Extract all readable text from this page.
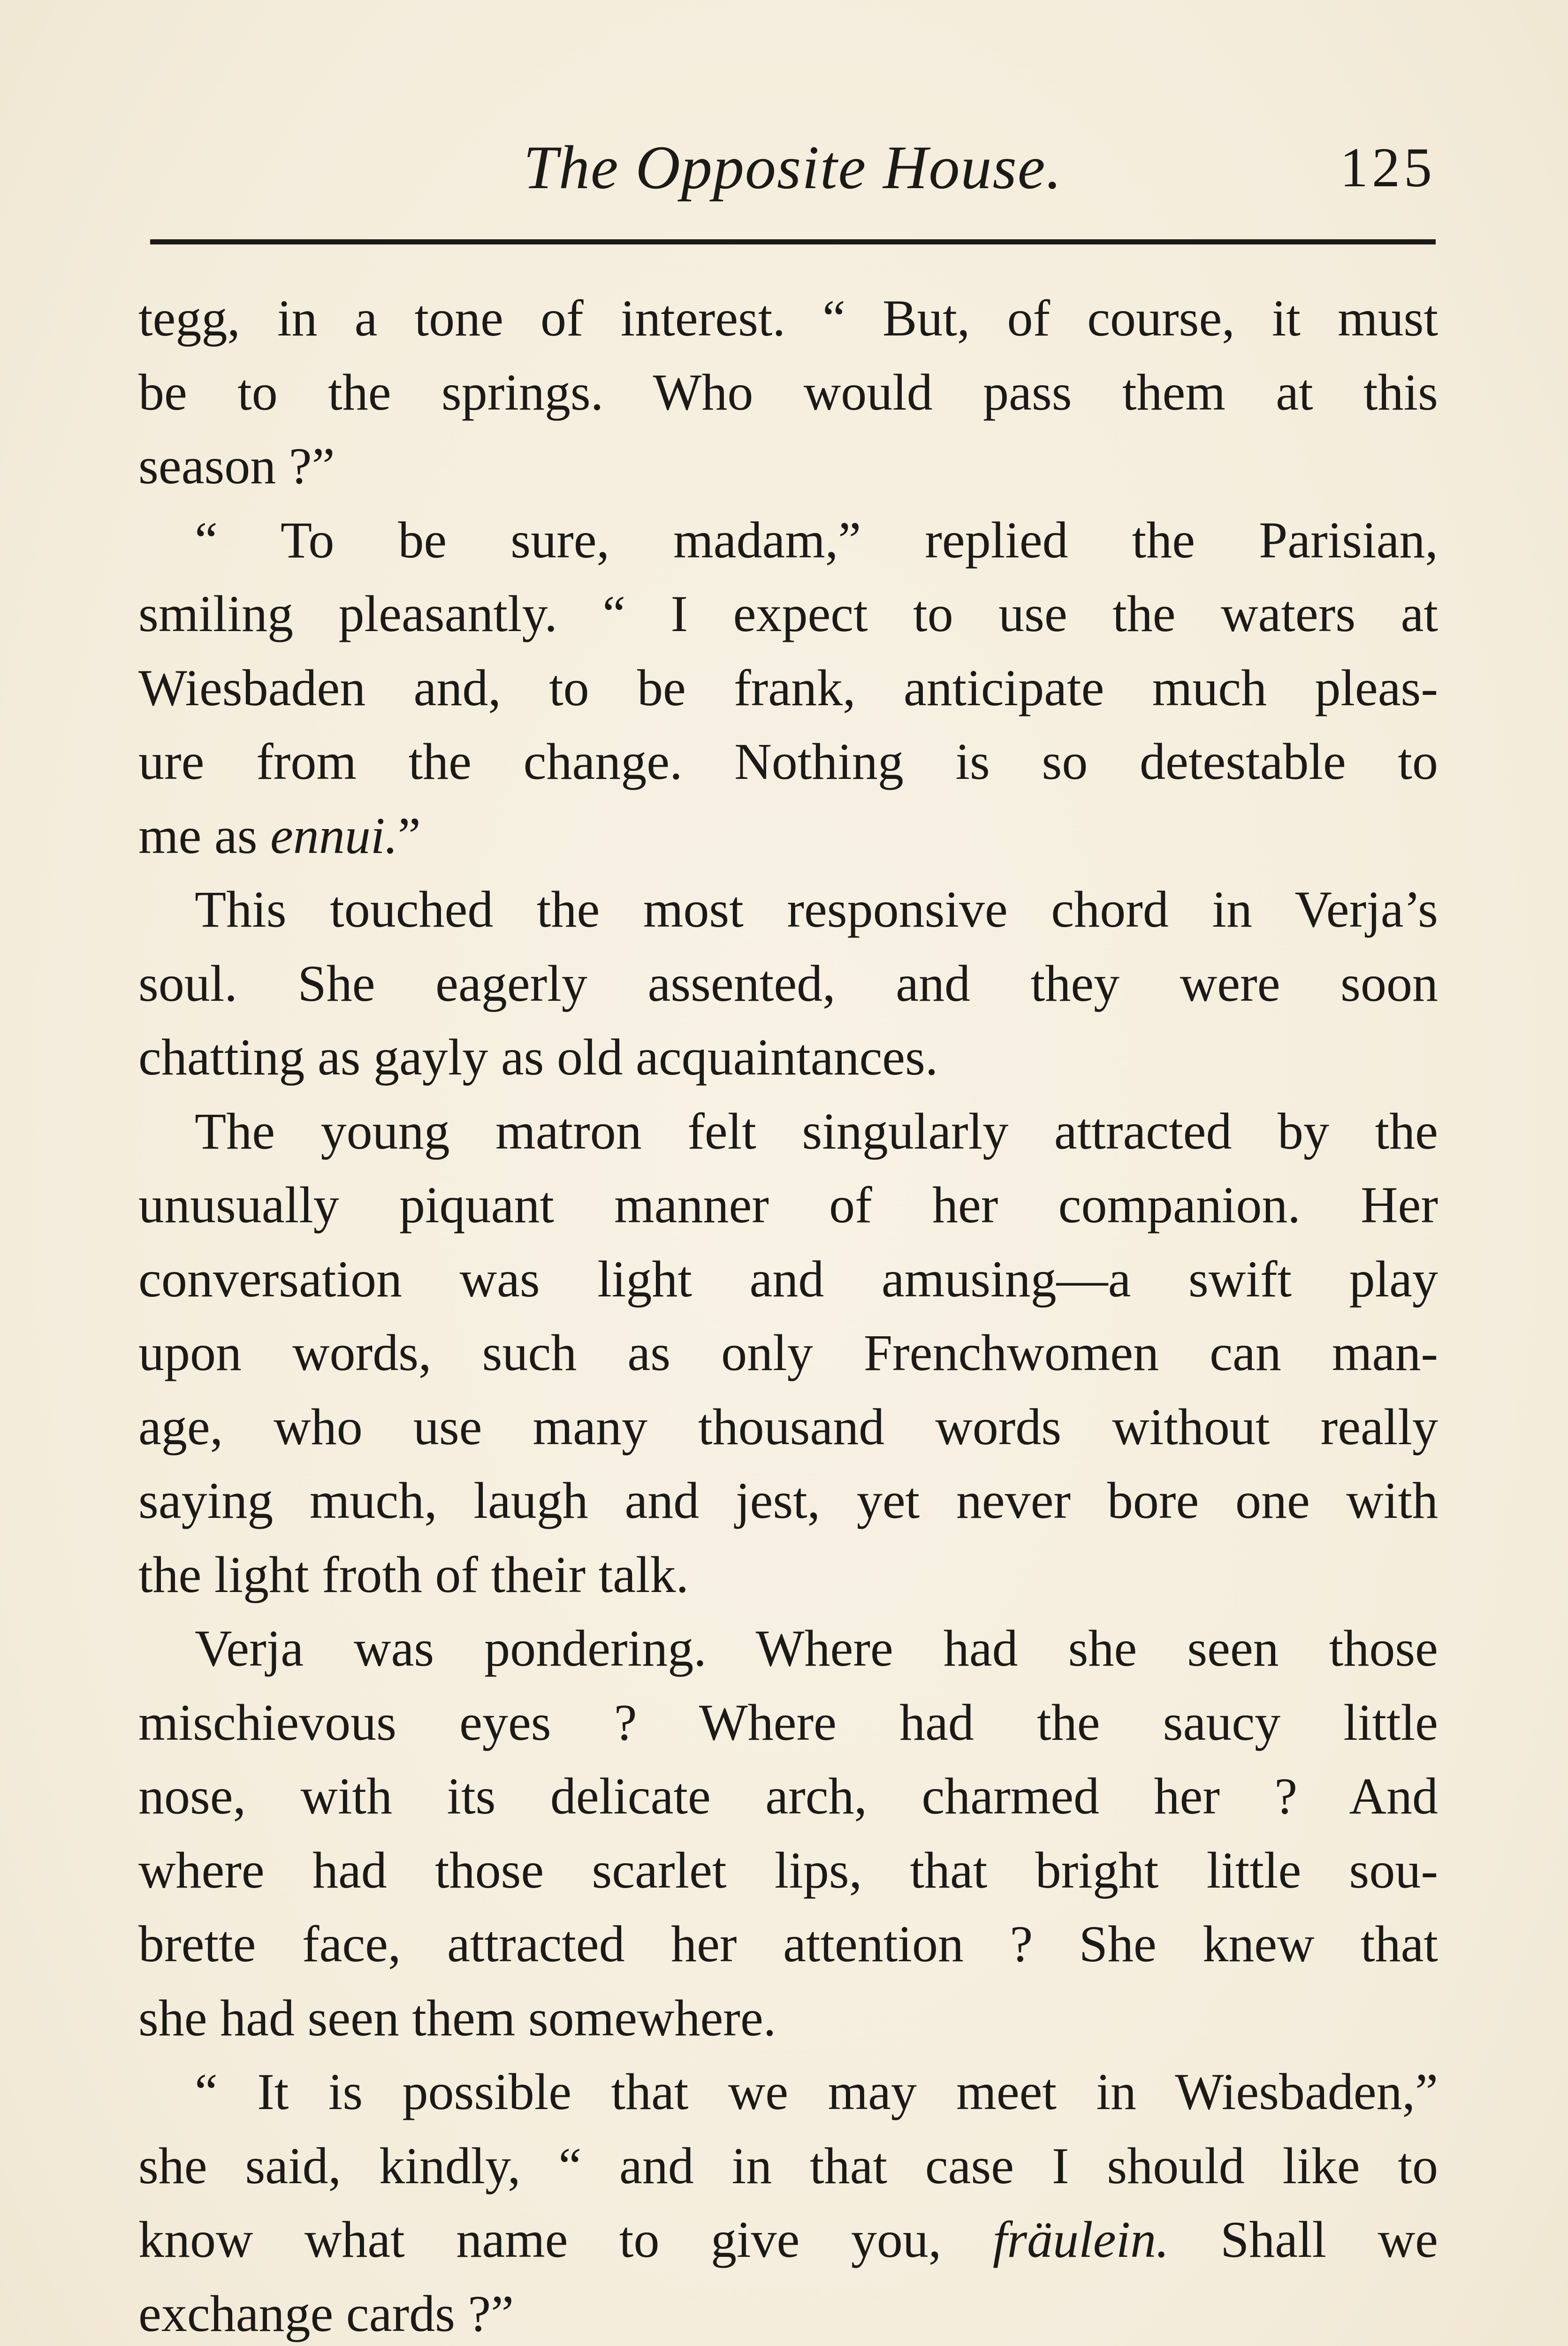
The Opposite House.	125
tegg, in a tone of interest. “ But, of course, it must
be to the springs. Who would pass them at this
season ?”
“ To be sure, madam,” replied the Parisian,
smiling pleasantly. “ I expect to use the waters at
Wiesbaden and, to be frank, anticipate much pleas-
ure from the change. Nothing is so detestable to
me as ennui.”
This touched the most responsive chord in Verja’s
soul. She eagerly assented, and they were soon
chatting as gayly as old acquaintances.
The young matron felt singularly attracted by the
unusually piquant manner of her companion. Her
conversation was light and amusing—a swift play
upon words, such as only Frenchwomen can man-
age, who use many thousand words without really
saying much, laugh and jest, yet never bore one with
the light froth of their talk.
Verja was pondering. Where had she seen those
mischievous eyes ? Where had the saucy little
nose, with its delicate arch, charmed her ? And
where had those scarlet lips, that bright little sou-
brette face, attracted her attention ? She knew that
she had seen them somewhere.
“ It is possible that we may meet in Wiesbaden,”
she said, kindly, “ and in that case I should like to
know what name to give you, fräulein. Shall we
exchange cards ?”
